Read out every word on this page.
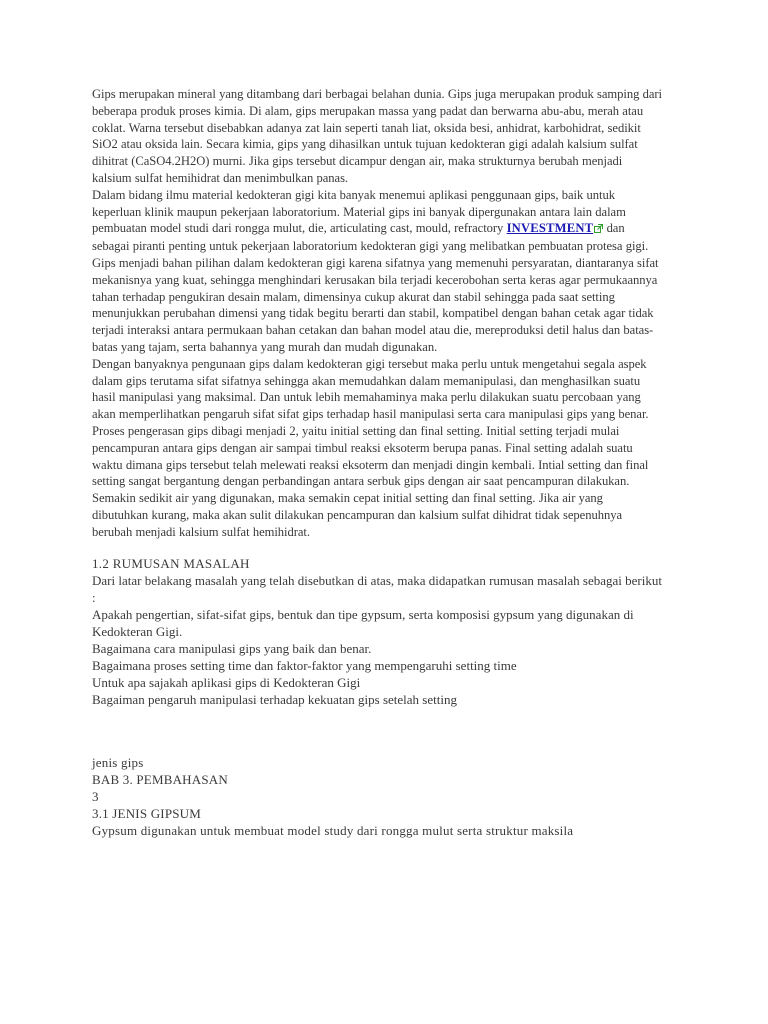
Gips merupakan mineral yang ditambang dari berbagai belahan dunia. Gips juga merupakan produk samping dari beberapa produk proses kimia. Di alam, gips merupakan massa yang padat dan berwarna abu-abu, merah atau coklat. Warna tersebut disebabkan adanya zat lain seperti tanah liat, oksida besi, anhidrat, karbohidrat, sedikit SiO2 atau oksida lain. Secara kimia, gips yang dihasilkan untuk tujuan kedokteran gigi adalah kalsium sulfat dihitrat (CaSO4.2H2O) murni. Jika gips tersebut dicampur dengan air, maka strukturnya berubah menjadi kalsium sulfat hemihidrat dan menimbulkan panas.

Dalam bidang ilmu material kedokteran gigi kita banyak menemui aplikasi penggunaan gips, baik untuk keperluan klinik maupun pekerjaan laboratorium. Material gips ini banyak dipergunakan antara lain dalam pembuatan model studi dari rongga mulut, die, articulating cast, mould, refractory INVESTMENT dan sebagai piranti penting untuk pekerjaan laboratorium kedokteran gigi yang melibatkan pembuatan protesa gigi.

Gips menjadi bahan pilihan dalam kedokteran gigi karena sifatnya yang memenuhi persyaratan, diantaranya sifat mekanisnya yang kuat, sehingga menghindari kerusakan bila terjadi kecerobohan serta keras agar permukaannya tahan terhadap pengukiran desain malam, dimensinya cukup akurat dan stabil sehingga pada saat setting menunjukkan perubahan dimensi yang tidak begitu berarti dan stabil, kompatibel dengan bahan cetak agar tidak terjadi interaksi antara permukaan bahan cetakan dan bahan model atau die, mereproduksi detil halus dan batas-batas yang tajam, serta bahannya yang murah dan mudah digunakan.

Dengan banyaknya pengunaan gips dalam kedokteran gigi tersebut maka perlu untuk mengetahui segala aspek dalam gips terutama sifat sifatnya sehingga akan memudahkan dalam memanipulasi, dan menghasilkan suatu hasil manipulasi yang maksimal. Dan untuk lebih memahaminya maka perlu dilakukan suatu percobaan yang akan memperlihatkan pengaruh sifat sifat gips terhadap hasil manipulasi serta cara manipulasi gips yang benar.

Proses pengerasan gips dibagi menjadi 2, yaitu initial setting dan final setting. Initial setting terjadi mulai pencampuran antara gips dengan air sampai timbul reaksi eksoterm berupa panas. Final setting adalah suatu waktu dimana gips tersebut telah melewati reaksi eksoterm dan menjadi dingin kembali. Intial setting dan final setting sangat bergantung dengan perbandingan antara serbuk gips dengan air saat pencampuran dilakukan. Semakin sedikit air yang digunakan, maka semakin cepat initial setting dan final setting. Jika air yang dibutuhkan kurang, maka akan sulit dilakukan pencampuran dan kalsium sulfat dihidrat tidak sepenuhnya berubah menjadi kalsium sulfat hemihidrat.

1.2 RUMUSAN MASALAH

Dari latar belakang masalah yang telah disebutkan di atas, maka didapatkan rumusan masalah sebagai berikut :

Apakah pengertian, sifat-sifat gips, bentuk dan tipe gypsum, serta komposisi gypsum yang digunakan di Kedokteran Gigi.

Bagaimana cara manipulasi gips yang baik dan benar.

Bagaimana proses setting time dan faktor-faktor yang mempengaruhi setting time

Untuk apa sajakah aplikasi gips di Kedokteran Gigi

Bagaiman pengaruh manipulasi terhadap kekuatan gips setelah setting

jenis gips

BAB 3. PEMBAHASAN

3

3.1 JENIS GIPSUM

Gypsum digunakan untuk membuat model study dari rongga mulut serta struktur maksila
